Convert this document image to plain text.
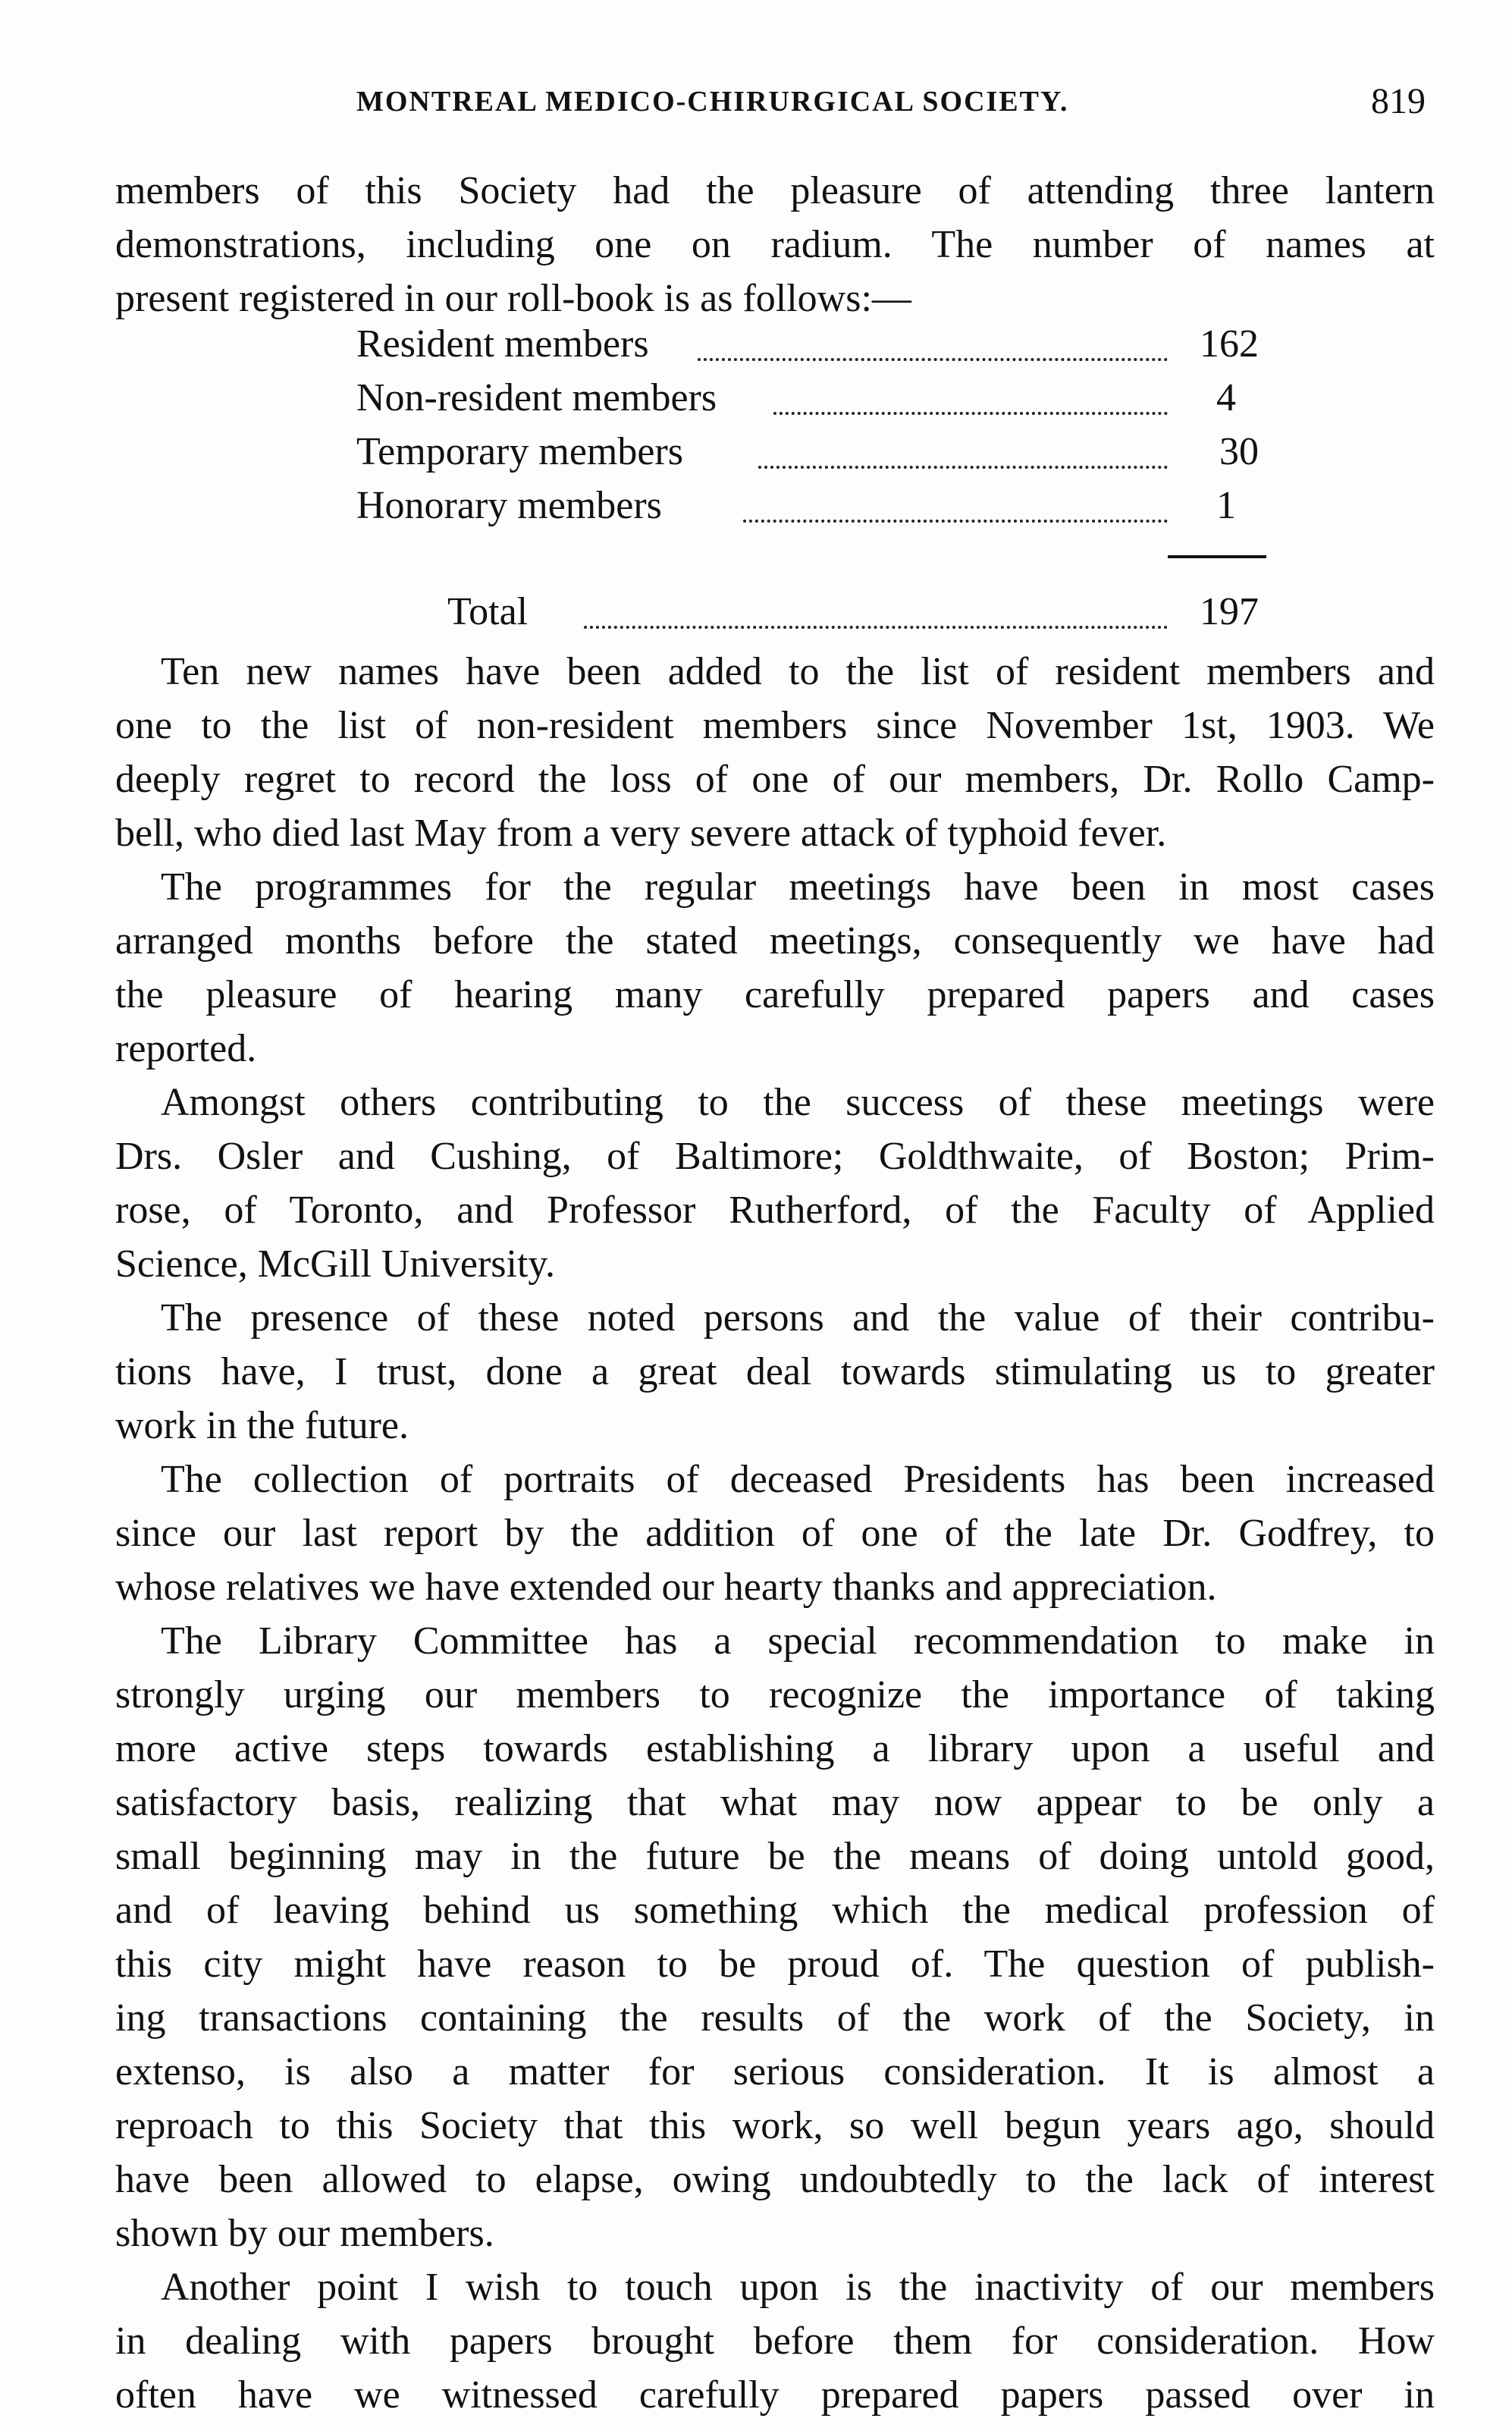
MONTREAL MEDICO-CHIRURGICAL SOCIETY.	819
members of this Society had the pleasure of attending three lantern
demonstrations, including one on radium. The number of names at
present registered in our roll-book is as follows:—
Resident members	162
Non-resident members	4
Temporary members	30
Honorary members	1
Total	197
Ten new names have been added to the list of resident members and
one to the list of non-resident members since November 1st, 1903. We
deeply regret to record the loss of one of our members, Dr. Rollo Camp-
bell, who died last May from a very severe attack of typhoid fever.
The programmes for the regular meetings have been in most cases
arranged months before the stated meetings, consequently we have had
the pleasure of hearing many carefully prepared papers and cases
reported.
Amongst others contributing to the success of these meetings were
Drs. Osler and Cushing, of Baltimore; Goldthwaite, of Boston; Prim-
rose, of Toronto, and Professor Rutherford, of the Faculty of Applied
Science, McGill University.
The presence of these noted persons and the value of their contribu-
tions have, I trust, done a great deal towards stimulating us to greater
work in the future.
The collection of portraits of deceased Presidents has been increased
since our last report by the addition of one of the late Dr. Godfrey, to
whose relatives we have extended our hearty thanks and appreciation.
The Library Committee has a special recommendation to make in
strongly urging our members to recognize the importance of taking
more active steps towards establishing a library upon a useful and
satisfactory basis, realizing that what may now appear to be only a
small beginning may in the future be the means of doing untold good,
and of leaving behind us something which the medical profession of
this city might have reason to be proud of. The question of publish-
ing transactions containing the results of the work of the Society, in
extenso, is also a matter for serious consideration. It is almost a
reproach to this Society that this work, so well begun years ago, should
have been allowed to elapse, owing undoubtedly to the lack of interest
shown by our members.
Another point I wish to touch upon is the inactivity of our members
in dealing with papers brought before them for consideration. How
often have we witnessed carefully prepared papers passed over in
